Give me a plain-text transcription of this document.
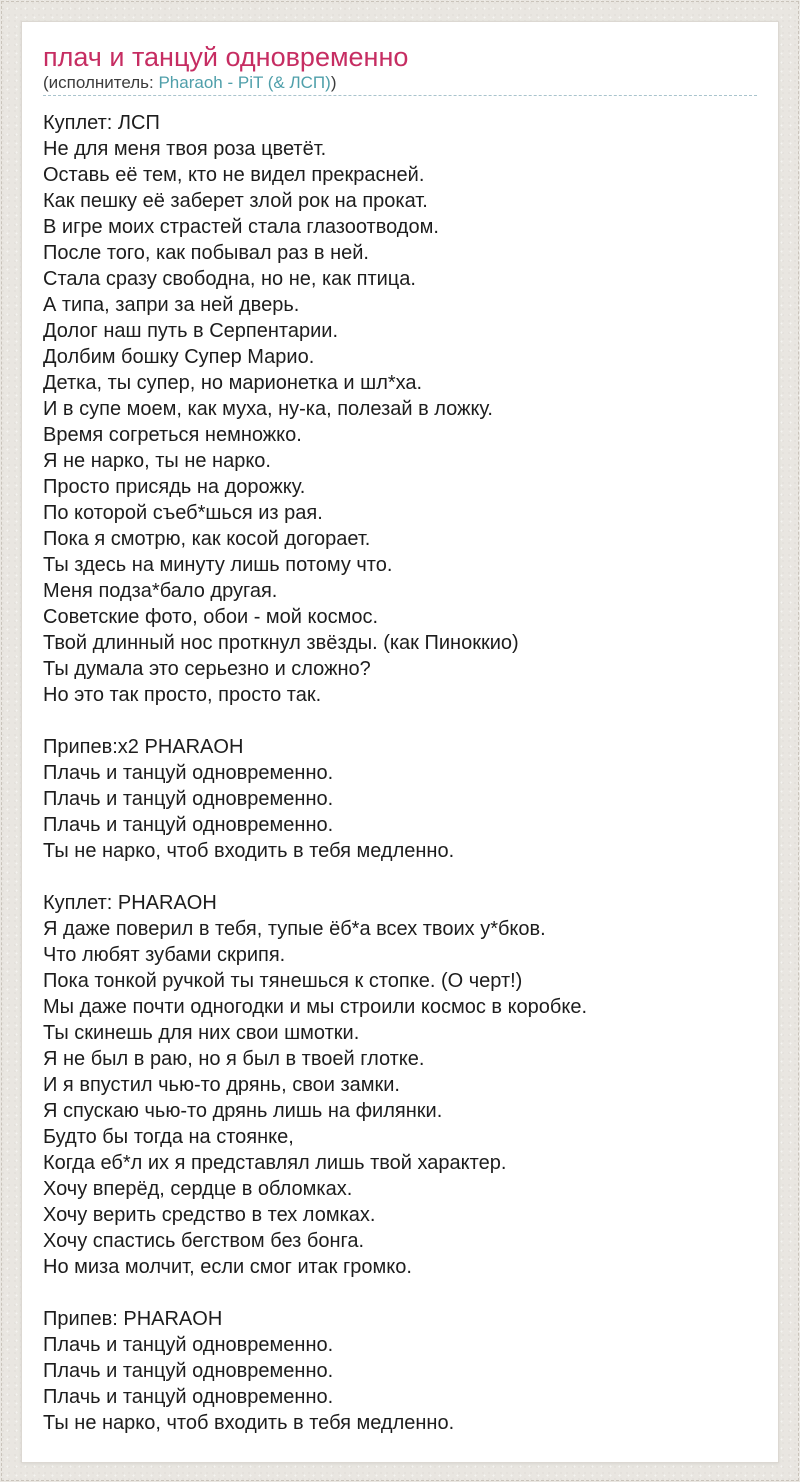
плач и танцуй одновременно
(исполнитель: Pharaoh - PiT (& ЛСП))
Куплет: ЛСП
Не для меня твоя роза цветёт.
Оставь её тем, кто не видел прекрасней.
Как пешку её заберет злой рок на прокат.
В игре моих страстей стала глазоотводом.
После того, как побывал раз в ней.
Стала сразу свободна, но не, как птица.
А типа, запри за ней дверь.
Долог наш путь в Серпентарии.
Долбим бошку Супер Марио.
Детка, ты супер, но марионетка и шл*ха.
И в супе моем, как муха, ну-ка, полезай в ложку.
Время согреться немножко.
Я не нарко, ты не нарко.
Просто присядь на дорожку.
По которой съеб*шься из рая.
Пока я смотрю, как косой догорает.
Ты здесь на минуту лишь потому что.
Меня подза*бало другая.
Советские фото, обои - мой космос.
Твой длинный нос проткнул звёзды. (как Пиноккио)
Ты думала это серьезно и сложно?
Но это так просто, просто так.
Припев:x2 PHARAOH
Плачь и танцуй одновременно.
Плачь и танцуй одновременно.
Плачь и танцуй одновременно.
Ты не нарко, чтоб входить в тебя медленно.
Куплет: PHARAOH
Я даже поверил в тебя, тупые ёб*а всех твоих у*бков.
Что любят зубами скрипя.
Пока тонкой ручкой ты тянешься к стопке. (О черт!)
Мы даже почти одногодки и мы строили космос в коробке.
Ты скинешь для них свои шмотки.
Я не был в раю, но я был в твоей глотке.
И я впустил чью-то дрянь, свои замки.
Я спускаю чью-то дрянь лишь на филянки.
Будто бы тогда на стоянке,
Когда еб*л их я представлял лишь твой характер.
Хочу вперёд, сердце в обломках.
Хочу верить средство в тех ломках.
Хочу спастись бегством без бонга.
Но миза молчит, если смог итак громко.
Припев: PHARAOH
Плачь и танцуй одновременно.
Плачь и танцуй одновременно.
Плачь и танцуй одновременно.
Ты не нарко, чтоб входить в тебя медленно.
